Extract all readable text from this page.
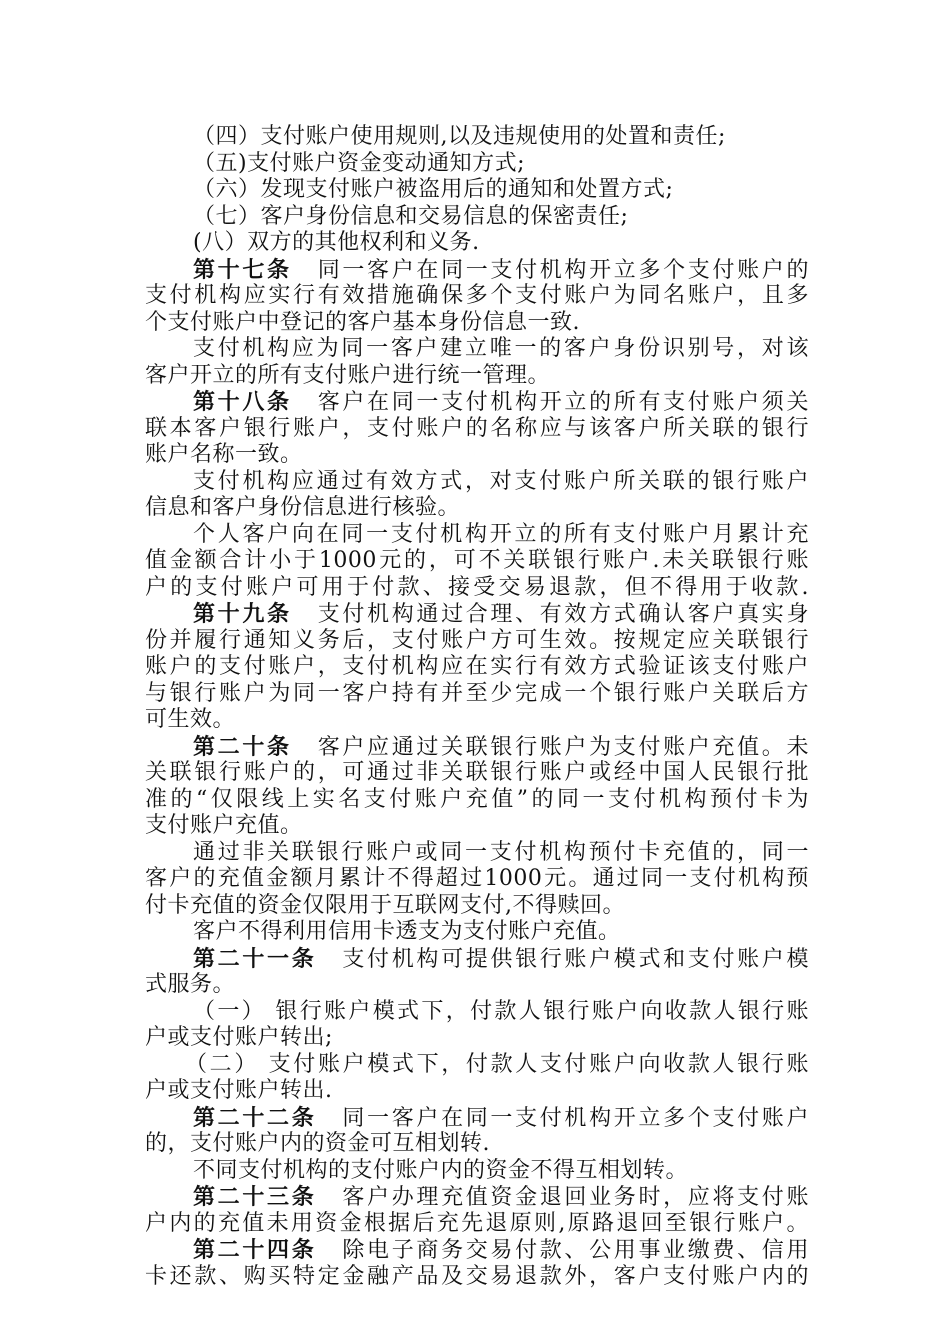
（四）支付账户使用规则,以及违规使用的处置和责任;
（五)支付账户资金变动通知方式;
（六）发现支付账户被盗用后的通知和处置方式;
（七）客户身份信息和交易信息的保密责任;
(八）双方的其他权利和义务.
第十七条 同一客户在同一支付机构开立多个支付账户的
支付机构应实行有效措施确保多个支付账户为同名账户，且多
个支付账户中登记的客户基本身份信息一致.
支付机构应为同一客户建立唯一的客户身份识别号，对该
客户开立的所有支付账户进行统一管理。
第十八条 客户在同一支付机构开立的所有支付账户须关
联本客户银行账户，支付账户的名称应与该客户所关联的银行
账户名称一致。
支付机构应通过有效方式，对支付账户所关联的银行账户
信息和客户身份信息进行核验。
个人客户向在同一支付机构开立的所有支付账户月累计充
值金额合计小于1000元的，可不关联银行账户.未关联银行账
户的支付账户可用于付款、接受交易退款，但不得用于收款.
第十九条 支付机构通过合理、有效方式确认客户真实身
份并履行通知义务后，支付账户方可生效。按规定应关联银行
账户的支付账户，支付机构应在实行有效方式验证该支付账户
与银行账户为同一客户持有并至少完成一个银行账户关联后方
可生效。
第二十条 客户应通过关联银行账户为支付账户充值。未
关联银行账户的，可通过非关联银行账户或经中国人民银行批
准的“仅限线上实名支付账户充值”的同一支付机构预付卡为
支付账户充值。
通过非关联银行账户或同一支付机构预付卡充值的，同一
客户的充值金额月累计不得超过1000元。通过同一支付机构预
付卡充值的资金仅限用于互联网支付,不得赎回。
客户不得利用信用卡透支为支付账户充值。
第二十一条 支付机构可提供银行账户模式和支付账户模
式服务。
（一） 银行账户模式下，付款人银行账户向收款人银行账
户或支付账户转出;
（二） 支付账户模式下，付款人支付账户向收款人银行账
户或支付账户转出.
第二十二条 同一客户在同一支付机构开立多个支付账户
的，支付账户内的资金可互相划转.
不同支付机构的支付账户内的资金不得互相划转。
第二十三条 客户办理充值资金退回业务时，应将支付账
户内的充值未用资金根据后充先退原则,原路退回至银行账户。
第二十四条 除电子商务交易付款、公用事业缴费、信用
卡还款、购买特定金融产品及交易退款外，客户支付账户内的
